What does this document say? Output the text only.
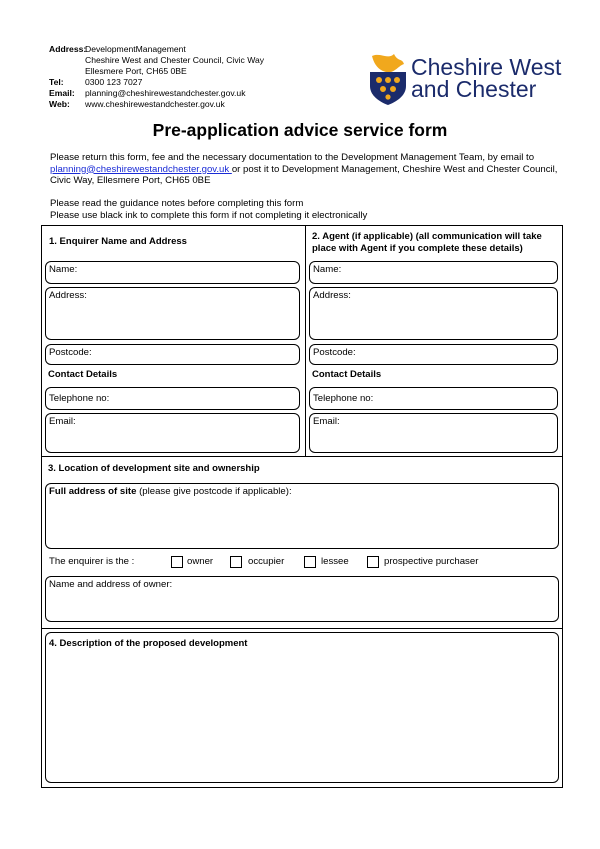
Address:DevelopmentManagement
Cheshire West and Chester Council, Civic Way
Ellesmere Port, CH65 0BE
Tel: 0300 123 7027
Email: planning@cheshirewestandchester.gov.uk
Web: www.cheshirewestandchester.gov.uk
Cheshire West
and Chester
Pre-application advice service form
Please return this form, fee and the necessary documentation to the Development Management Team, by email to planning@cheshirewestandchester.gov.uk or post it to Development Management, Cheshire West and Chester Council, Civic Way, Ellesmere Port, CH65 0BE
Please read the guidance notes before completing this form
Please use black ink to complete this form if not completing it electronically
1. Enquirer Name and Address
Name:
Address:
Postcode:
Contact Details
Telephone no:
Email:
2. Agent (if applicable) (all communication will take
place with Agent if you complete these details)
Name:
Address:
Postcode:
Contact Details
Telephone no:
Email:
3. Location of development site and ownership
Full address of site (please give postcode if applicable):
The enquirer is the :	owner	occupier	lessee	prospective purchaser
Name and address of owner:
4. Description of the proposed development
